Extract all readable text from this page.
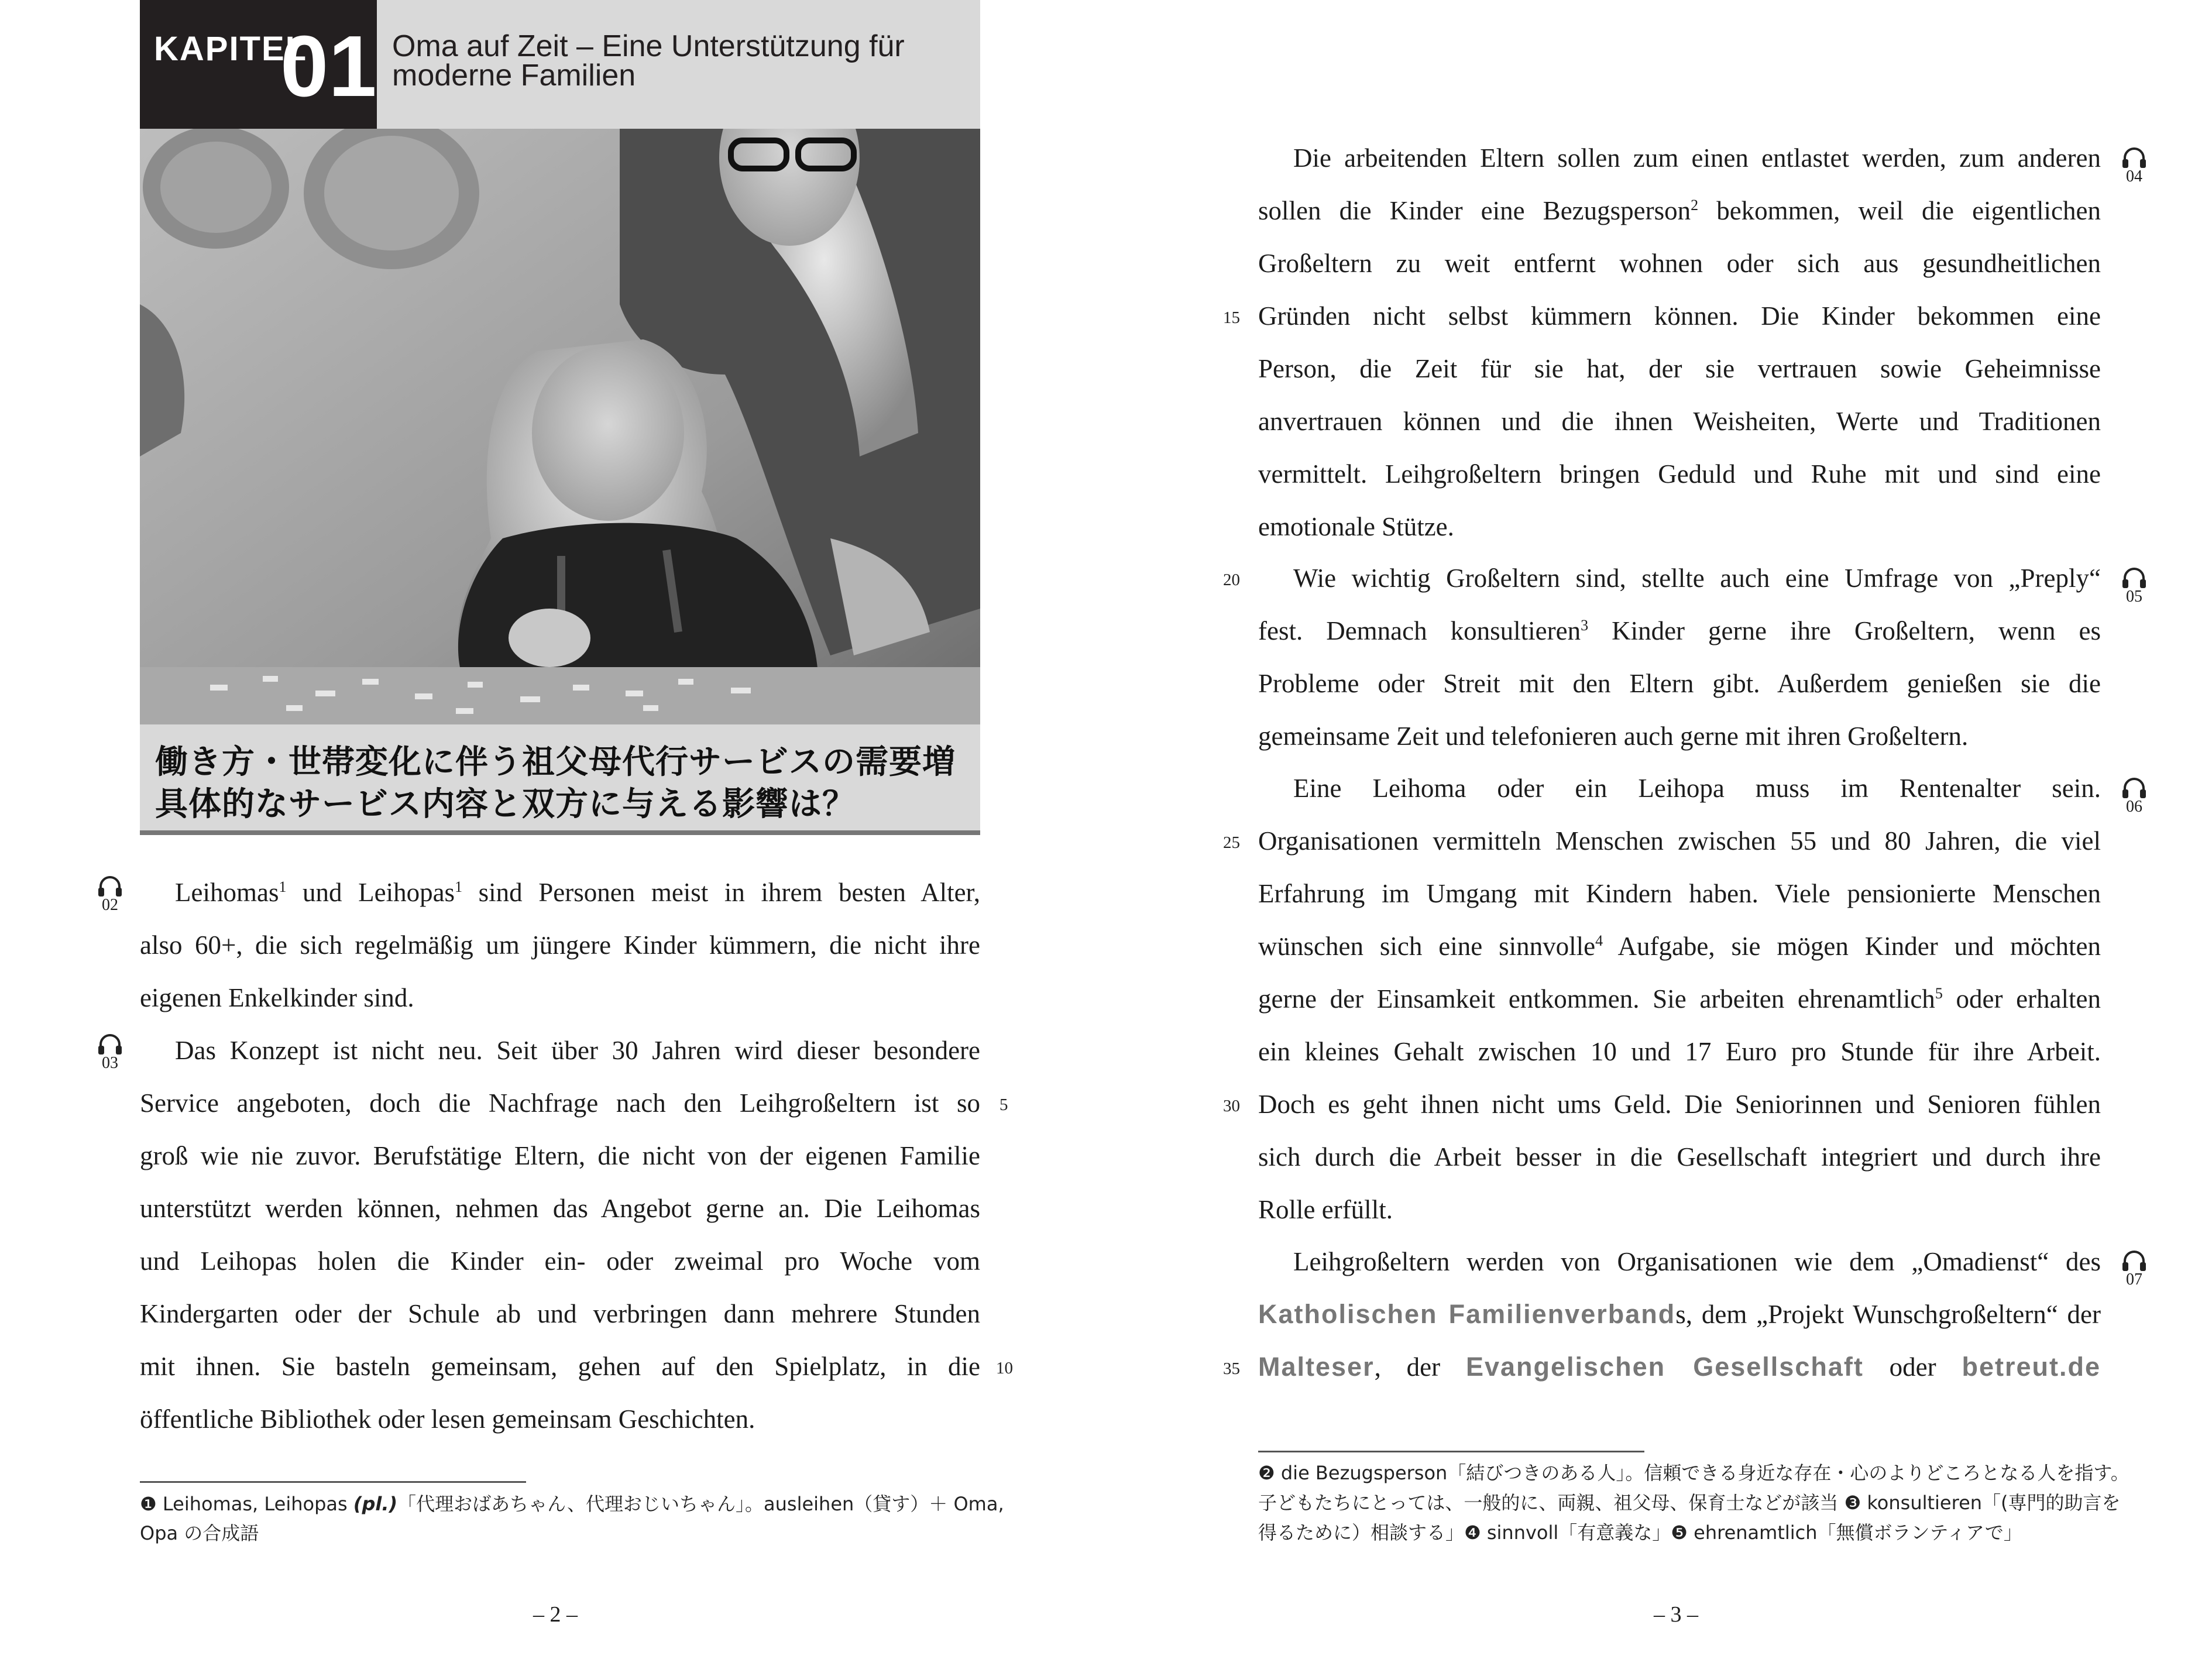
KAPITEL
01 Oma auf Zeit – Eine Unterstützung für
moderne Familien
働き方・世帯変化に伴う祖父母代行サービスの需要増
具体的なサービス内容と双方に与える影響は？
02
03
Leihomas$^1$ und Leihopas$^1$ sind Personen meist in ihrem besten Alter,
also 60+, die sich regelmäßig um jüngere Kinder kümmern, die nicht ihre
eigenen Enkelkinder sind.
Das Konzept ist nicht neu. Seit über 30 Jahren wird dieser besondere
Service angeboten, doch die Nachfrage nach den Leihgroßeltern ist so
groß wie nie zuvor. Berufstätige Eltern, die nicht von der eigenen Familie
unterstützt werden können, nehmen das Angebot gerne an. Die Leihomas
und Leihopas holen die Kinder ein- oder zweimal pro Woche vom
Kindergarten oder der Schule ab und verbringen dann mehrere Stunden
mit ihnen. Sie basteln gemeinsam, gehen auf den Spielplatz, in die
öffentliche Bibliothek oder lesen gemeinsam Geschichten.
5
10
❶ Leihomas, Leihopas (pl.)「代理おばあちゃん、代理おじいちゃん」。ausleihen（貸す）＋ Oma,
Opa の合成語
– 2 –
04
05
06
07
Die arbeitenden Eltern sollen zum einen entlastet werden, zum anderen
sollen die Kinder eine Bezugsperson$^2$ bekommen, weil die eigentlichen
Großeltern zu weit entfernt wohnen oder sich aus gesundheitlichen
Gründen nicht selbst kümmern können. Die Kinder bekommen eine
Person, die Zeit für sie hat, der sie vertrauen sowie Geheimnisse
anvertrauen können und die ihnen Weisheiten, Werte und Traditionen
vermittelt. Leihgroßeltern bringen Geduld und Ruhe mit und sind eine
emotionale Stütze.
Wie wichtig Großeltern sind, stellte auch eine Umfrage von „Preply“
fest. Demnach konsultieren$^3$ Kinder gerne ihre Großeltern, wenn es
Probleme oder Streit mit den Eltern gibt. Außerdem genießen sie die
gemeinsame Zeit und telefonieren auch gerne mit ihren Großeltern.
Eine Leihoma oder ein Leihopa muss im Rentenalter sein.
Organisationen vermitteln Menschen zwischen 55 und 80 Jahren, die viel
Erfahrung im Umgang mit Kindern haben. Viele pensionierte Menschen
wünschen sich eine sinnvolle$^4$ Aufgabe, sie mögen Kinder und möchten
gerne der Einsamkeit entkommen. Sie arbeiten ehrenamtlich$^5$ oder erhalten
ein kleines Gehalt zwischen 10 und 17 Euro pro Stunde für ihre Arbeit.
Doch es geht ihnen nicht ums Geld. Die Seniorinnen und Senioren fühlen
sich durch die Arbeit besser in die Gesellschaft integriert und durch ihre
Rolle erfüllt.
Leihgroßeltern werden von Organisationen wie dem „Omadienst“ des
Katholischen Familienverbands, dem „Projekt Wunschgroßeltern“ der
Malteser, der Evangelischen Gesellschaft oder betreut.de
15
20
25
30
35
❷ die Bezugsperson「結びつきのある人」。信頼できる身近な存在・心のよりどころとなる人を指す。
子どもたちにとっては、一般的に、両親、祖父母、保育士などが該当 ❸ konsultieren「(専門的助言を
得るために）相談する」❹ sinnvoll「有意義な」❺ ehrenamtlich「無償ボランティアで」
– 3 –
